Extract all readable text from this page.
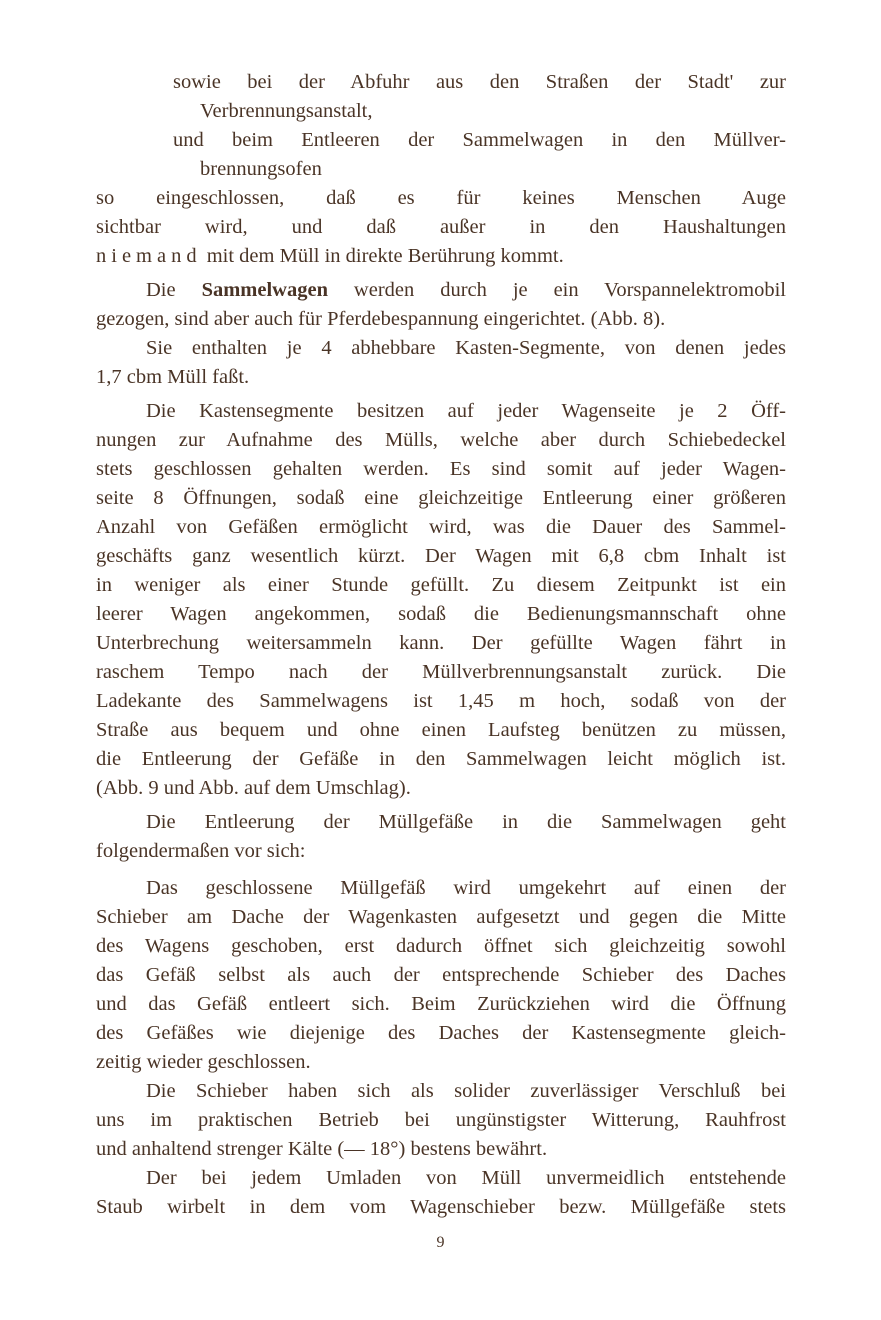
sowie bei der Abfuhr aus den Straßen der Stadt' zur
Verbrennungsanstalt,
und beim Entleeren der Sammelwagen in den Müllver-
brennungsofen
so eingeschlossen, daß es für keines Menschen Auge
sichtbar wird, und daß außer in den Haushaltungen
niemand mit dem Müll in direkte Berührung kommt.
Die Sammelwagen werden durch je ein Vorspannelektromobil
gezogen, sind aber auch für Pferdebespannung eingerichtet. (Abb. 8).
Sie enthalten je 4 abhebbare Kasten-Segmente, von denen jedes
1,7 cbm Müll faßt.
Die Kastensegmente besitzen auf jeder Wagenseite je 2 Öff-
nungen zur Aufnahme des Mülls, welche aber durch Schiebedeckel
stets geschlossen gehalten werden. Es sind somit auf jeder Wagen-
seite 8 Öffnungen, sodaß eine gleichzeitige Entleerung einer größeren
Anzahl von Gefäßen ermöglicht wird, was die Dauer des Sammel-
geschäfts ganz wesentlich kürzt. Der Wagen mit 6,8 cbm Inhalt ist
in weniger als einer Stunde gefüllt. Zu diesem Zeitpunkt ist ein
leerer Wagen angekommen, sodaß die Bedienungsmannschaft ohne
Unterbrechung weitersammeln kann. Der gefüllte Wagen fährt in
raschem Tempo nach der Müllverbrennungsanstalt zurück. Die
Ladekante des Sammelwagens ist 1,45 m hoch, sodaß von der
Straße aus bequem und ohne einen Laufsteg benützen zu müssen,
die Entleerung der Gefäße in den Sammelwagen leicht möglich ist.
(Abb. 9 und Abb. auf dem Umschlag).
Die Entleerung der Müllgefäße in die Sammelwagen geht
folgendermaßen vor sich:
Das geschlossene Müllgefäß wird umgekehrt auf einen der
Schieber am Dache der Wagenkasten aufgesetzt und gegen die Mitte
des Wagens geschoben, erst dadurch öffnet sich gleichzeitig sowohl
das Gefäß selbst als auch der entsprechende Schieber des Daches
und das Gefäß entleert sich. Beim Zurückziehen wird die Öffnung
des Gefäßes wie diejenige des Daches der Kastensegmente gleich-
zeitig wieder geschlossen.
Die Schieber haben sich als solider zuverlässiger Verschluß bei
uns im praktischen Betrieb bei ungünstigster Witterung, Rauhfrost
und anhaltend strenger Kälte (— 18°) bestens bewährt.
Der bei jedem Umladen von Müll unvermeidlich entstehende
Staub wirbelt in dem vom Wagenschieber bezw. Müllgefäße stets
9
